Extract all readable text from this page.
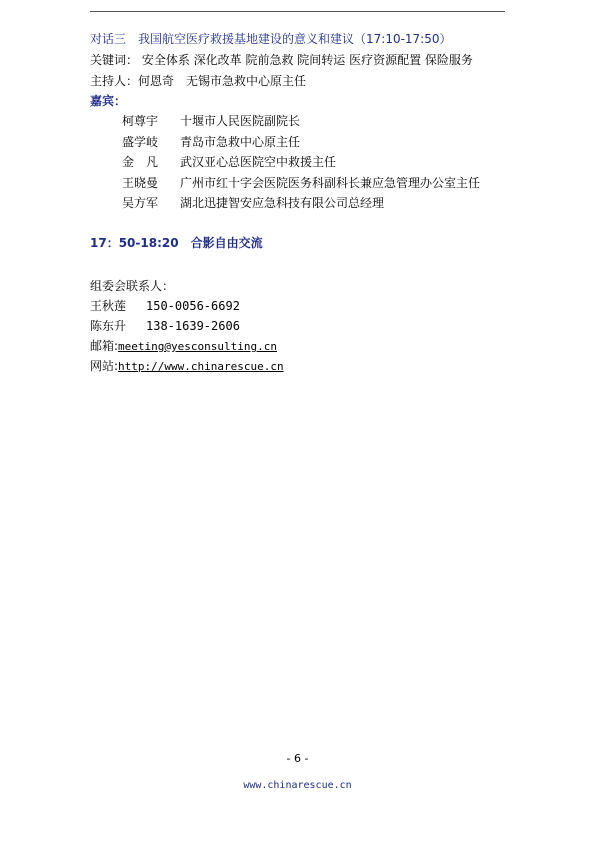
对话三　我国航空医疗救援基地建设的意义和建议（17:10-17:50）
关键词： 安全体系 深化改革 院前急救 院间转运 医疗资源配置 保险服务
主持人：何恩奇　无锡市急救中心原主任
嘉宾：
柯尊宇 十堰市人民医院副院长
盛学岐 青岛市急救中心原主任
金　凡 武汉亚心总医院空中救援主任
王晓曼 广州市红十字会医院医务科副科长兼应急管理办公室主任
吴方军 湖北迅捷智安应急科技有限公司总经理
17：50-18:20　合影自由交流
组委会联系人：
王秋莲 150-0056-6692
陈东升 138-1639-2606
邮箱:meeting@yesconsulting.cn
网站:http://www.chinarescue.cn
- 6 -
www.chinarescue.cn
